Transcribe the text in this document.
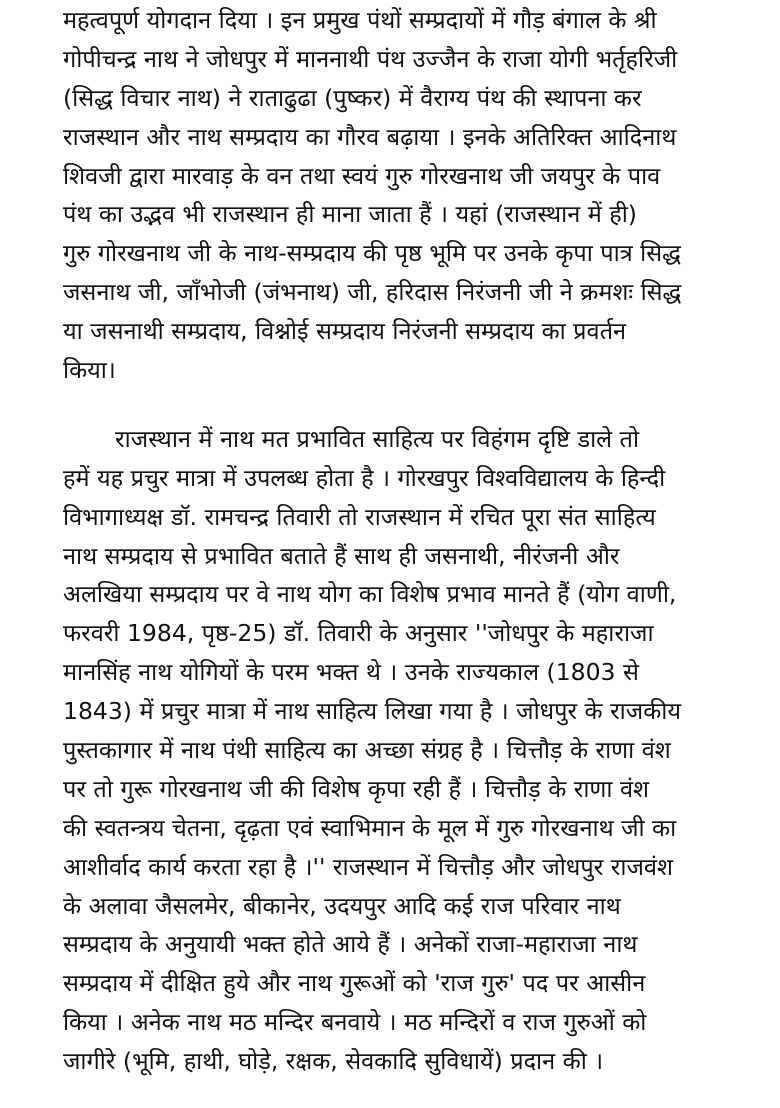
महत्वपूर्ण योगदान दिया । इन प्रमुख पंथों सम्प्रदायों में गौड़ बंगाल के श्री
गोपीचन्द्र नाथ ने जोधपुर में माननाथी पंथ उज्जैन के राजा योगी भर्तृहरिजी
(सिद्ध विचार नाथ) ने राताढुढा (पुष्कर) में वैराग्य पंथ की स्थापना कर
राजस्थान और नाथ सम्प्रदाय का गौरव बढ़ाया । इनके अतिरिक्त आदिनाथ
शिवजी द्वारा मारवाड़ के वन तथा स्वयं गुरु गोरखनाथ जी जयपुर के पाव
पंथ का उद्भव भी राजस्थान ही माना जाता हैं । यहां (राजस्थान में ही)
गुरु गोरखनाथ जी के नाथ-सम्प्रदाय की पृष्ठ भूमि पर उनके कृपा पात्र सिद्ध
जसनाथ जी, जाँभोजी (जंभनाथ) जी, हरिदास निरंजनी जी ने क्रमशः सिद्ध
या जसनाथी सम्प्रदाय, विश्नोई सम्प्रदाय निरंजनी सम्प्रदाय का प्रवर्तन
किया।
राजस्थान में नाथ मत प्रभावित साहित्य पर विहंगम दृष्टि डाले तो
हमें यह प्रचुर मात्रा में उपलब्ध होता है । गोरखपुर विश्वविद्यालय के हिन्दी
विभागाध्यक्ष डॉ. रामचन्द्र तिवारी तो राजस्थान में रचित पूरा संत साहित्य
नाथ सम्प्रदाय से प्रभावित बताते हैं साथ ही जसनाथी, नीरंजनी और
अलखिया सम्प्रदाय पर वे नाथ योग का विशेष प्रभाव मानते हैं (योग वाणी,
फरवरी 1984, पृष्ठ-25) डॉ. तिवारी के अनुसार ''जोधपुर के महाराजा
मानसिंह नाथ योगियों के परम भक्त थे । उनके राज्यकाल (1803 से
1843) में प्रचुर मात्रा में नाथ साहित्य लिखा गया है । जोधपुर के राजकीय
पुस्तकागार में नाथ पंथी साहित्य का अच्छा संग्रह है । चित्तौड़ के राणा वंश
पर तो गुरू गोरखनाथ जी की विशेष कृपा रही हैं । चित्तौड़ के राणा वंश
की स्वतन्त्रय चेतना, दृढ़ता एवं स्वाभिमान के मूल में गुरु गोरखनाथ जी का
आशीर्वाद कार्य करता रहा है ।'' राजस्थान में चित्तौड़ और जोधपुर राजवंश
के अलावा जैसलमेर, बीकानेर, उदयपुर आदि कई राज परिवार नाथ
सम्प्रदाय के अनुयायी भक्त होते आये हैं । अनेकों राजा-महाराजा नाथ
सम्प्रदाय में दीक्षित हुये और नाथ गुरूओं को 'राज गुरु' पद पर आसीन
किया । अनेक नाथ मठ मन्दिर बनवाये । मठ मन्दिरों व राज गुरुओं को
जागीरे (भूमि, हाथी, घोड़े, रक्षक, सेवकादि सुविधायें) प्रदान की ।
